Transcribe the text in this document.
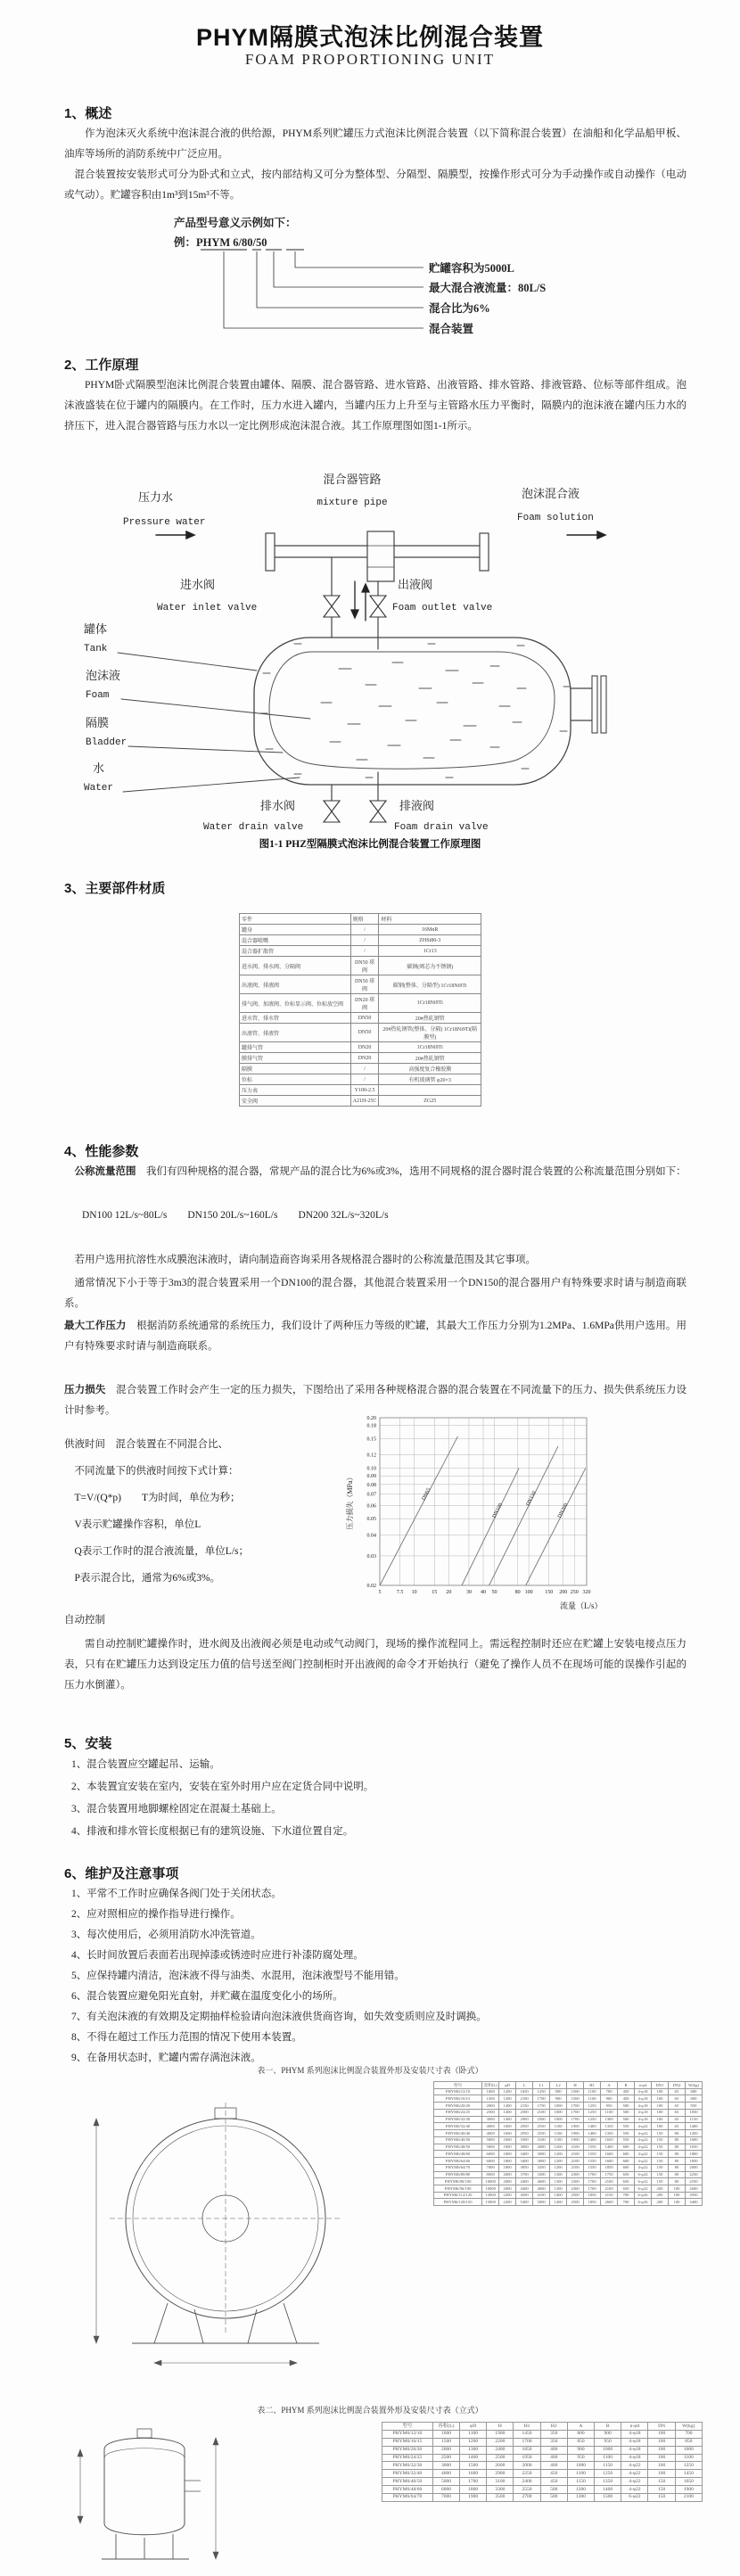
PHYM隔膜式泡沫比例混合装置
FOAM PROPORTIONING UNIT
1、概述

作为泡沫灭火系统中泡沫混合液的供给源，PHYM系列贮罐压力式泡沫比例混合装置（以下简称混合装置）在油船和化学品船甲板、油库等场所的消防系统中广泛应用。

混合装置按安装形式可分为卧式和立式，按内部结构又可分为整体型、分隔型、隔膜型，按操作形式可分为手动操作或自动操作（电动或气动）。贮罐容积由1m³到15m³不等。

产品型号意义示例如下：
例：PHYM 6/80/50
贮罐容积为5000L
最大混合液流量：80L/S
混合比为6%
混合装置
2、工作原理

PHYM卧式隔膜型泡沫比例混合装置由罐体、隔膜、混合器管路、进水管路、出液管路、排水管路、排液管路、位标等部件组成。泡沫液盛装在位于罐内的隔膜内。在工作时，压力水进入罐内，当罐内压力上升至与主管路水压力平衡时，隔膜内的泡沫液在罐内压力水的挤压下，进入混合器管路与压力水以一定比例形成泡沫混合液。其工作原理图如图1-1所示。

压力水
Pressure water
混合器管路
mixture pipe
泡沫混合液
Foam solution
进水阀
Water inlet valve
出液阀
Foam outlet valve
罐体
Tank
泡沫液
Foam
隔膜
Bladder
水
Water
排水阀
Water drain valve
排液阀
Foam drain valve
图1-1 PHZ型隔膜式泡沫比例混合装置工作原理图
3、主要部件材质
零件	规格	材料
罐身	/	16MnR
混合器喷嘴	/	ZHSi80-3
混合器扩散管	/	1Cr13
进水阀、排水阀、分隔阀	DN50 球阀	碳钢(阀芯为不锈钢)
出液阀、排液阀	DN50 球阀	碳钢(整体、分隔型) 1Cr18Ni9Ti
排气阀、加液阀、位标显示阀、位标放空阀	DN20 球阀	1Cr18Ni9Ti
进水管、排水管	DN50	20#热轧钢管
出液管、排液管	DN50	20#热轧钢管(整体、分隔) 1Cr18Ni9Ti(隔膜型)
罐排气管	DN20	1Cr18Ni9Ti
膜排气管	DN20	20#热轧钢管
隔膜	/	高强度复合橡胶膜
位标	/	有机玻璃管 φ20×3
压力表	Y100-2.5	
安全阀	A21H-25C	ZG25
4、性能参数
公称流量范围　我们有四种规格的混合器，常规产品的混合比为6%或3%，选用不同规格的混合器时混合装置的公称流量范围分别如下：
DN100 12L/s~80L/s　　DN150 20L/s~160L/s　　DN200 32L/s~320L/s
若用户选用抗溶性水成膜泡沫液时，请向制造商咨询采用各规格混合器时的公称流量范围及其它事项。
通常情况下小于等于3m3的混合装置采用一个DN100的混合器，其他混合装置采用一个DN150的混合器用户有特殊要求时请与制造商联系。
最大工作压力　根据消防系统通常的系统压力，我们设计了两种压力等级的贮罐，其最大工作压力分别为1.2MPa、1.6MPa供用户选用。用户有特殊要求时请与制造商联系。
压力损失　混合装置工作时会产生一定的压力损失，下图给出了采用各种规格混合器的混合装置在不同流量下的压力、损失供系统压力设计时参考。

供液时间　混合装置在不同混合比、

　不同流量下的供液时间按下式计算：

　T=V/(Q*p)　　T为时间，单位为秒；

　V表示贮罐操作容积，单位L

　Q表示工作时的混合液流量，单位L/s；

　P表示混合比，通常为6%或3%。

0.02
0.03
0.04
0.05
0.06
0.07
0.08
0.09
0.10
0.12
0.15
0.18
0.20
5	7.5 10	15 20	30 40 50	80 100 150 200 250 320
DN65
DN100
DN150
DN200
压力损失（MPa）
流量（L/s）
自动控制
需自动控制贮罐操作时，进水阀及出液阀必须是电动或气动阀门，现场的操作流程同上。需远程控制时还应在贮罐上安装电接点压力表，只有在贮罐压力达到设定压力值的信号送至阀门控制柜时开出液阀的命令才开始执行（避免了操作人员不在现场可能的误操作引起的压力水倒灌）。
5、安装

1、混合装置应空罐起吊、运输。

2、本装置宜安装在室内，安装在室外时用户应在定货合同中说明。

3、混合装置用地脚螺栓固定在混凝土基础上。

4、排液和排水管长度根据已有的建筑设施、下水道位置自定。

6、维护及注意事项

1、平常不工作时应确保各阀门处于关闭状态。

2、应对照相应的操作指导进行操作。

3、每次使用后，必须用消防水冲洗管道。

4、长时间放置后表面若出现掉漆或锈迹时应进行补漆防腐处理。

5、应保持罐内清洁，泡沫液不得与油类、水混用，泡沫液型号不能用错。

6、混合装置应避免阳光直射，并贮藏在温度变化小的场所。

7、有关泡沫液的有效期及定期抽样检验请向泡沫液供货商咨询，如失效变质则应及时调换。

8、不得在超过工作压力范围的情况下使用本装置。

9、在备用状态时，贮罐内需存满泡沫液。

表一、PHYM 系列泡沫比例混合装置外形及安装尺寸表（卧式）
型号	容积(L)	φD	L	L1	L2	H	H1	A	B	n-φd	DN1	DN2	W(kg)
PHYM6/12/10	1000	1200	1650	1250	900	1500	1100	700	450	4-φ18	100	65	680
PHYM6/16/15	1500	1200	2100	1700	900	1500	1100	900	450	4-φ18	100	65	800
PHYM6/20/20	2000	1400	2150	1750	1000	1700	1250	950	500	4-φ18	100	65	950
PHYM6/24/25	2500	1400	2500	2100	1000	1700	1250	1100	500	4-φ18	100	65	1050
PHYM6/32/30	3000	1400	2900	2500	1000	1700	1250	1300	500	4-φ18	100	65	1150
PHYM6/32/40	4000	1600	2950	2550	1100	1900	1400	1350	550	4-φ22	100	65	1400
PHYM6/40/40	4000	1600	2950	2550	1100	1900	1400	1350	550	4-φ22	150	80	1450
PHYM6/40/50	5000	1600	3500	3100	1100	1900	1400	1650	550	4-φ22	150	80	1600
PHYM6/48/50	5000	1800	3000	2600	1200	2100	1550	1400	600	4-φ22	150	80	1650
PHYM6/48/60	6000	1800	3400	3000	1200	2100	1550	1600	600	4-φ22	150	80	1800
PHYM6/64/60	6000	1800	3400	3000	1200	2100	1550	1600	600	4-φ22	150	80	1850
PHYM6/64/70	7000	1800	3850	3450	1200	2100	1550	1850	600	4-φ22	150	80	2000
PHYM6/80/80	8000	2000	3700	3300	1300	2300	1700	1750	650	6-φ22	150	80	2250
PHYM6/80/100	10000	2000	4400	4000	1300	2300	1700	2100	650	6-φ22	150	80	2550
PHYM6/96/100	10000	2000	4400	4000	1300	2300	1700	2100	650	6-φ22	200	100	2600
PHYM6/112/120	12000	2200	4500	4100	1400	2500	1850	2150	700	6-φ26	200	100	2950
PHYM6/128/150	15000	2200	5400	5000	1400	2500	1850	2600	700	6-φ26	200	100	3400
表二、PHYM 系列泡沫比例混合装置外形及安装尺寸表（立式）
型号	容积(L)	φD	H	H1	H2	A	B	n-φd	DN	W(kg)
PHYM6/12/10	1000	1100	1900	1450	350	800	900	4-φ18	100	700
PHYM6/16/15	1500	1200	2200	1700	350	850	950	4-φ18	100	850
PHYM6/20/20	2000	1300	2400	1850	400	900	1000	4-φ18	100	1000
PHYM6/24/25	2500	1400	2500	1950	400	950	1100	4-φ18	100	1100
PHYM6/32/30	3000	1500	2600	2000	400	1000	1150	4-φ22	100	1250
PHYM6/32/40	4000	1600	2900	2250	450	1100	1250	4-φ22	100	1450
PHYM6/40/50	5000	1700	3100	2400	450	1150	1350	4-φ22	150	1650
PHYM6/48/60	6000	1800	3300	2550	500	1200	1400	4-φ22	150	1900
PHYM6/64/70	7000	1900	3500	2700	500	1300	1500	6-φ22	150	2100
